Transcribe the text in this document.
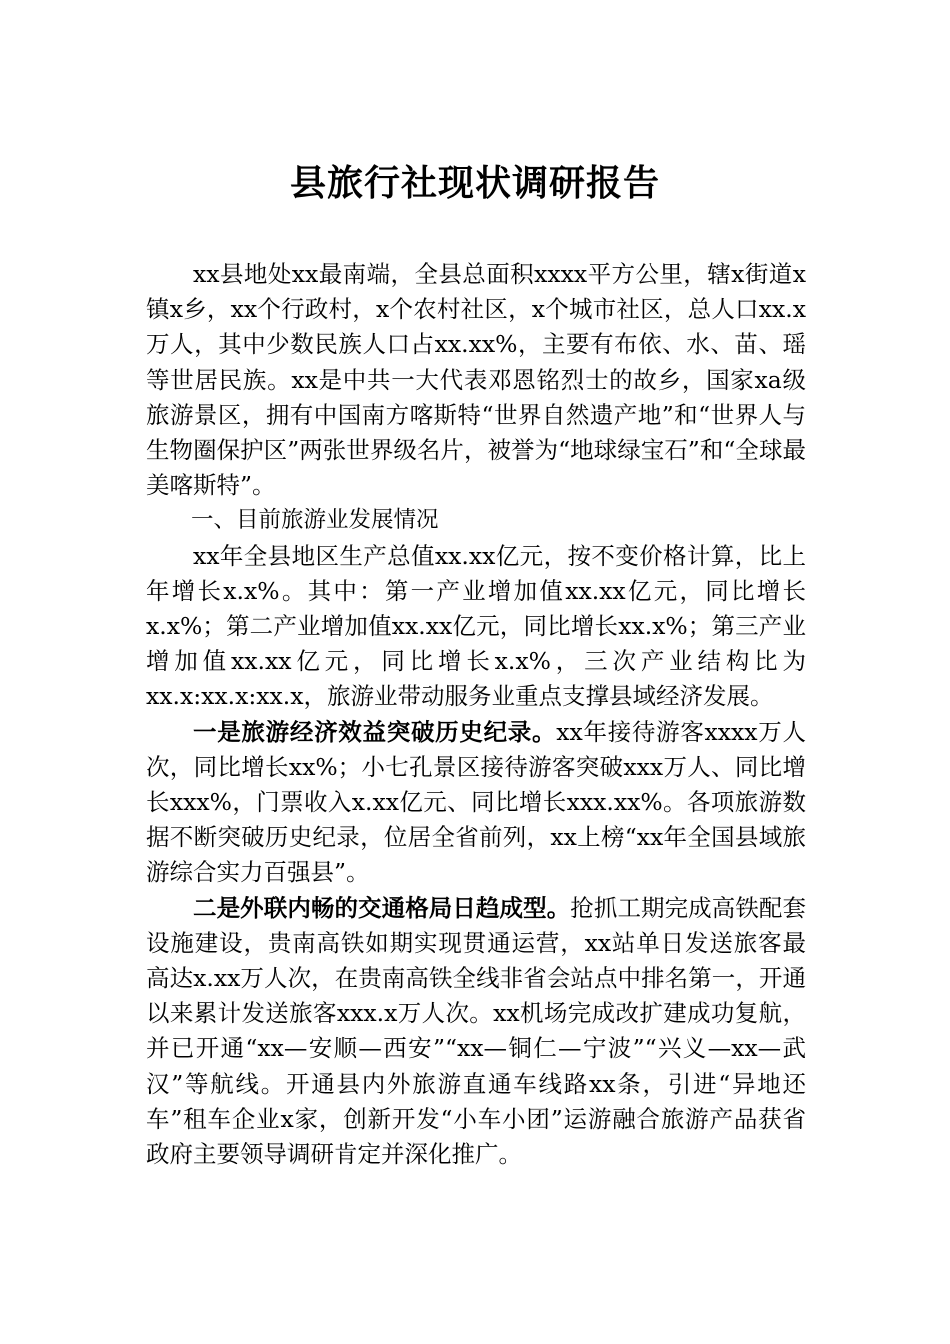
县旅行社现状调研报告

xx县地处xx最南端，全县总面积xxxx平方公里，辖x街道x镇x乡，xx个行政村，x个农村社区，x个城市社区，总人口xx.x万人，其中少数民族人口占xx.xx%，主要有布依、水、苗、瑶等世居民族。xx是中共一大代表邓恩铭烈士的故乡，国家xa级旅游景区，拥有中国南方喀斯特“世界自然遗产地”和“世界人与生物圈保护区”两张世界级名片，被誉为“地球绿宝石”和“全球最美喀斯特”。

一、目前旅游业发展情况

xx年全县地区生产总值xx.xx亿元，按不变价格计算，比上年增长x.x%。其中：第一产业增加值xx.xx亿元，同比增长x.x%；第二产业增加值xx.xx亿元，同比增长xx.x%；第三产业增加值xx.xx亿元，同比增长x.x%，三次产业结构比为xx.x:xx.x:xx.x，旅游业带动服务业重点支撑县域经济发展。

一是旅游经济效益突破历史纪录。xx年接待游客xxxx万人次，同比增长xx%；小七孔景区接待游客突破xxx万人、同比增长xxx%，门票收入x.xx亿元、同比增长xxx.xx%。各项旅游数据不断突破历史纪录，位居全省前列，xx上榜“xx年全国县域旅游综合实力百强县”。

二是外联内畅的交通格局日趋成型。抢抓工期完成高铁配套设施建设，贵南高铁如期实现贯通运营，xx站单日发送旅客最高达x.xx万人次，在贵南高铁全线非省会站点中排名第一，开通以来累计发送旅客xxx.x万人次。xx机场完成改扩建成功复航，并已开通“xx—安顺—西安”“xx—铜仁—宁波”“兴义—xx—武汉”等航线。开通县内外旅游直通车线路xx条，引进“异地还车”租车企业x家，创新开发“小车小团”运游融合旅游产品获省政府主要领导调研肯定并深化推广。
